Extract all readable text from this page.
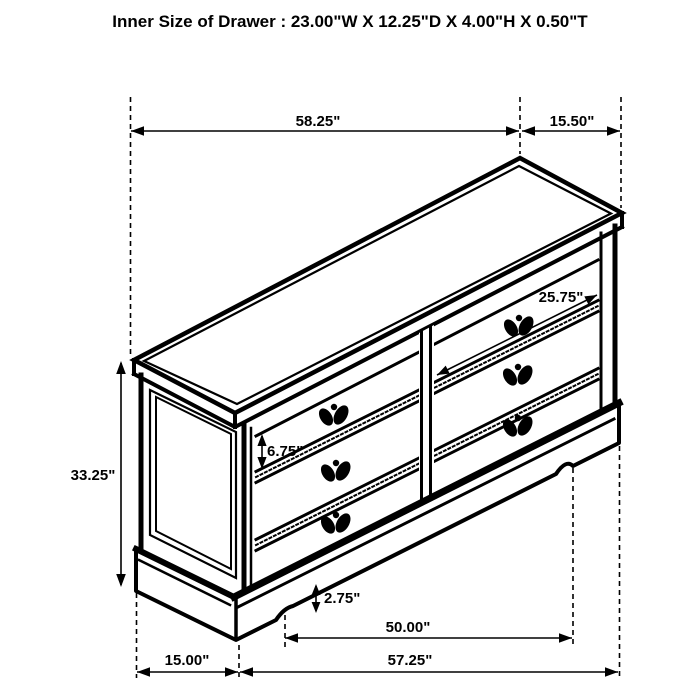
Inner Size of Drawer : 23.00"W X 12.25"D X 4.00"H X 0.50"T
58.25"	15.50"
25.75"
33.25"
6.75"
2.75"
50.00"
15.00"	57.25"
